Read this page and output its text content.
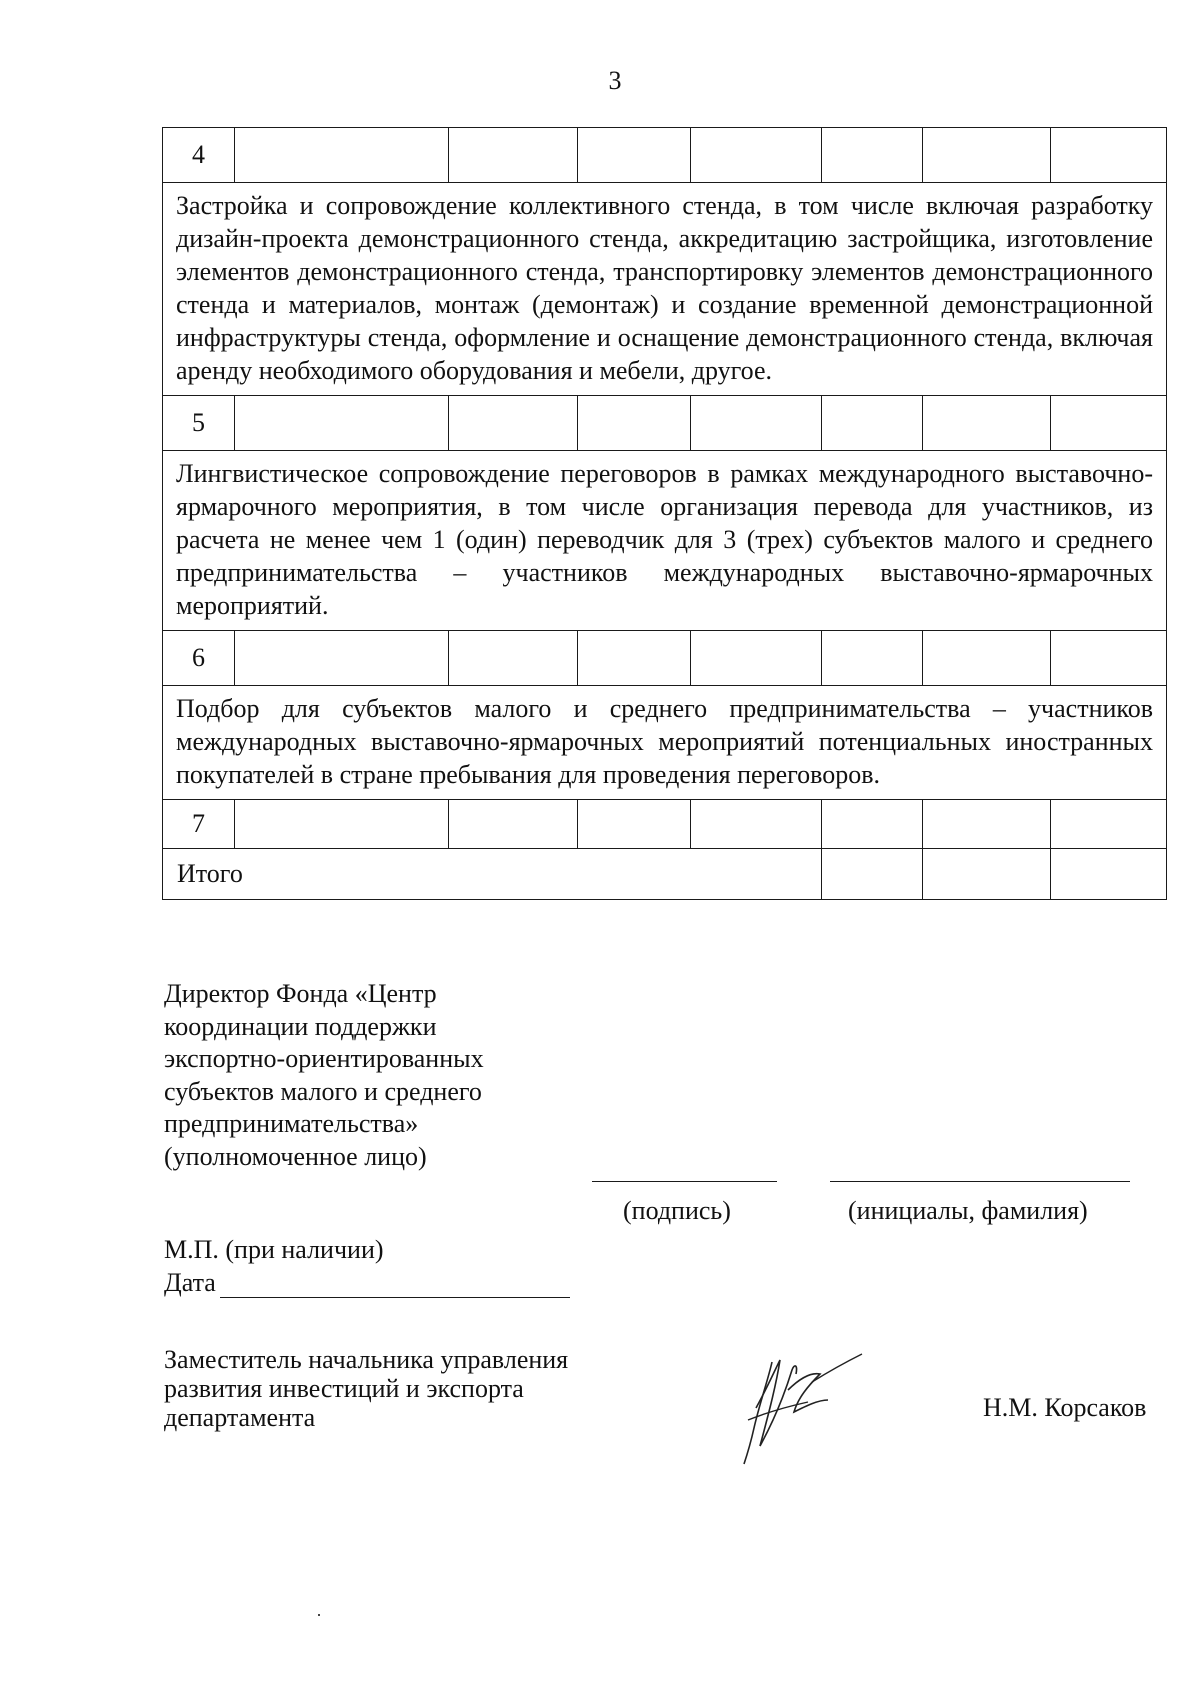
3
4							
Застройка и сопровождение коллективного стенда, в том числе включая разработку дизайн-проекта демонстрационного стенда, аккредитацию застройщика, изготовление элементов демонстрационного стенда, транспортировку элементов демонстрационного стенда и материалов, монтаж (демонтаж) и создание временной демонстрационной инфраструктуры стенда, оформление и оснащение демонстрационного стенда, включая аренду необходимого оборудования и мебели, другое.							
5							
Лингвистическое сопровождение переговоров в рамках международного выставочно-ярмарочного мероприятия, в том числе организация перевода для участников, из расчета не менее чем 1 (один) переводчик для 3 (трех) субъектов малого и среднего предпринимательства – участников международных выставочно-ярмарочных мероприятий.							
6							
Подбор для субъектов малого и среднего предпринимательства – участников международных выставочно-ярмарочных мероприятий потенциальных иностранных покупателей в стране пребывания для проведения переговоров.							
7							
Итого							
Директор Фонда «Центр
координации поддержки
экспортно-ориентированных
субъектов малого и среднего
предпринимательства»
(уполномоченное лицо)
(подпись)	(инициалы, фамилия)
М.П. (при наличии)
Дата
Заместитель начальника управления
развития инвестиций и экспорта
департамента	Н.М. Корсаков
